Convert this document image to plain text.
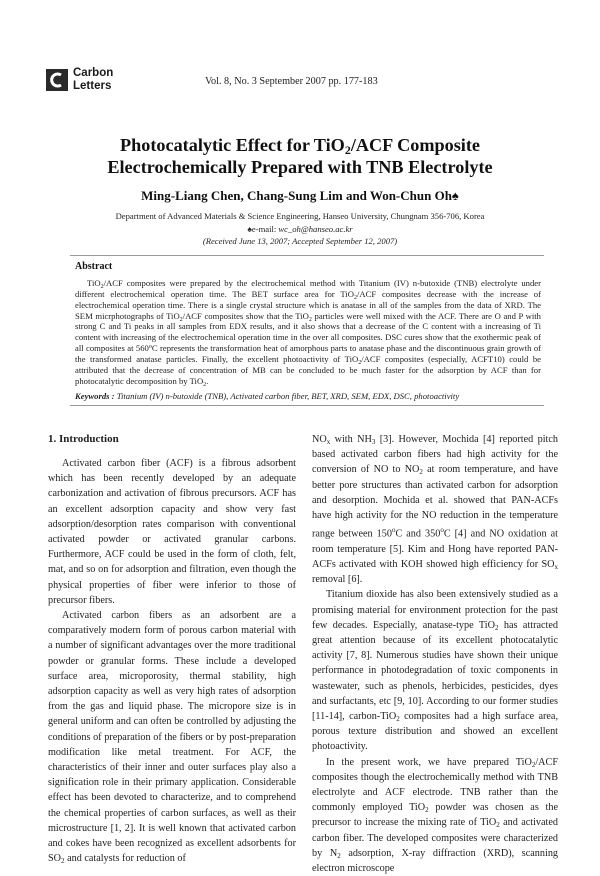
Carbon
Letters	Vol. 8, No. 3 September 2007 pp. 177-183
Photocatalytic Effect for TiO$_2$/ACF Composite
Electrochemically Prepared with TNB Electrolyte
Ming-Liang Chen, Chang-Sung Lim and Won-Chun Oh♠
Department of Advanced Materials & Science Engineering, Hanseo University, Chungnam 356-706, Korea
♠e-mail: wc_oh@hanseo.ac.kr
(Received June 13, 2007; Accepted September 12, 2007)
Abstract
TiO$_2$/ACF composites were prepared by the electrochemical method with Titanium (IV) n-butoxide (TNB) electrolyte under different electrochemical operation time. The BET surface area for TiO$_2$/ACF composites decrease with the increase of electrochemical operation time. There is a single crystal structure which is anatase in all of the samples from the data of XRD. The SEM micrphotographs of TiO$_2$/ACF composites show that the TiO$_2$ particles were well mixed with the ACF. There are O and P with strong C and Ti peaks in all samples from EDX results, and it also shows that a decrease of the C content with a increasing of Ti content with increasing of the electrochemical operation time in the over all composites. DSC cures show that the exothermic peak of all composites at 560$^o$C represents the transformation heat of amorphous parts to anatase phase and the discontinuous grain growth of the transformed anatase particles. Finally, the excellent photoactivity of TiO$_2$/ACF composites (especially, ACFT10) could be attributed that the decrease of concentration of MB can be concluded to be much faster for the adsorption by ACF than for photocatalytic decomposition by TiO$_2$.
Keywords : Titanium (IV) n-butoxide (TNB), Activated carbon fiber, BET, XRD, SEM, EDX, DSC, photoactivity
1. Introduction

Activated carbon fiber (ACF) is a fibrous adsorbent which has been recently developed by an adequate carbonization and activation of fibrous precursors. ACF has an excellent adsorption capacity and show very fast adsorption/desorption rates comparison with conventional activated powder or activated granular carbons. Furthermore, ACF could be used in the form of cloth, felt, mat, and so on for adsorption and filtration, even though the physical properties of fiber were inferior to those of precursor fibers.

Activated carbon fibers as an adsorbent are a comparatively modern form of porous carbon material with a number of significant advantages over the more traditional powder or granular forms. These include a developed surface area, microporosity, thermal stability, high adsorption capacity as well as very high rates of adsorption from the gas and liquid phase. The micropore size is in general uniform and can often be controlled by adjusting the conditions of preparation of the fibers or by post-preparation modification like metal treatment. For ACF, the characteristics of their inner and outer surfaces play also a signification role in their primary application. Considerable effect has been devoted to characterize, and to comprehend the chemical properties of carbon surfaces, as well as their microstructure [1, 2]. It is well known that activated carbon and cokes have been recognized as excellent adsorbents for $SO_2$ and catalysts for reduction of

$NO_x$ with $NH_3$ [3]. However, Mochida [4] reported pitch based activated carbon fibers had high activity for the conversion of NO to $NO_2$ at room temperature, and have better pore structures than activated carbon for adsorption and desorption. Mochida et al. showed that PAN-ACFs have high activity for the NO reduction in the temperature range between 150$^o$C and 350$^o$C [4] and NO oxidation at room temperature [5]. Kim and Hong have reported PAN-ACFs activated with KOH showed high efficiency for $SO_x$ removal [6].

Titanium dioxide has also been extensively studied as a promising material for environment protection for the past few decades. Especially, anatase-type TiO$_2$ has attracted great attention because of its excellent photocatalytic activity [7, 8]. Numerous studies have shown their unique performance in photodegradation of toxic components in wastewater, such as phenols, herbicides, pesticides, dyes and surfactants, etc [9, 10]. According to our former studies [11-14], carbon-TiO$_2$ composites had a high surface area, porous texture distribution and showed an excellent photoactivity.

In the present work, we have prepared TiO$_2$/ACF composites though the electrochemically method with TNB electrolyte and ACF electrode. TNB rather than the commonly employed TiO$_2$ powder was chosen as the precursor to increase the mixing rate of TiO$_2$ and activated carbon fiber. The developed composites were characterized by $N_2$ adsorption, X-ray diffraction (XRD), scanning electron microscope
